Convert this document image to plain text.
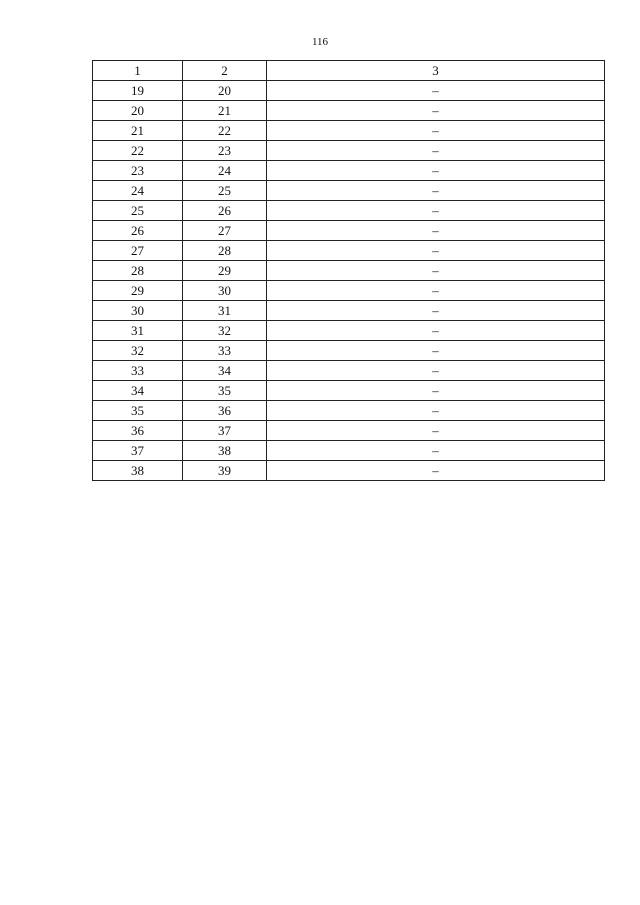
116
1	2	3
19	20	–
20	21	–
21	22	–
22	23	–
23	24	–
24	25	–
25	26	–
26	27	–
27	28	–
28	29	–
29	30	–
30	31	–
31	32	–
32	33	–
33	34	–
34	35	–
35	36	–
36	37	–
37	38	–
38	39	–
